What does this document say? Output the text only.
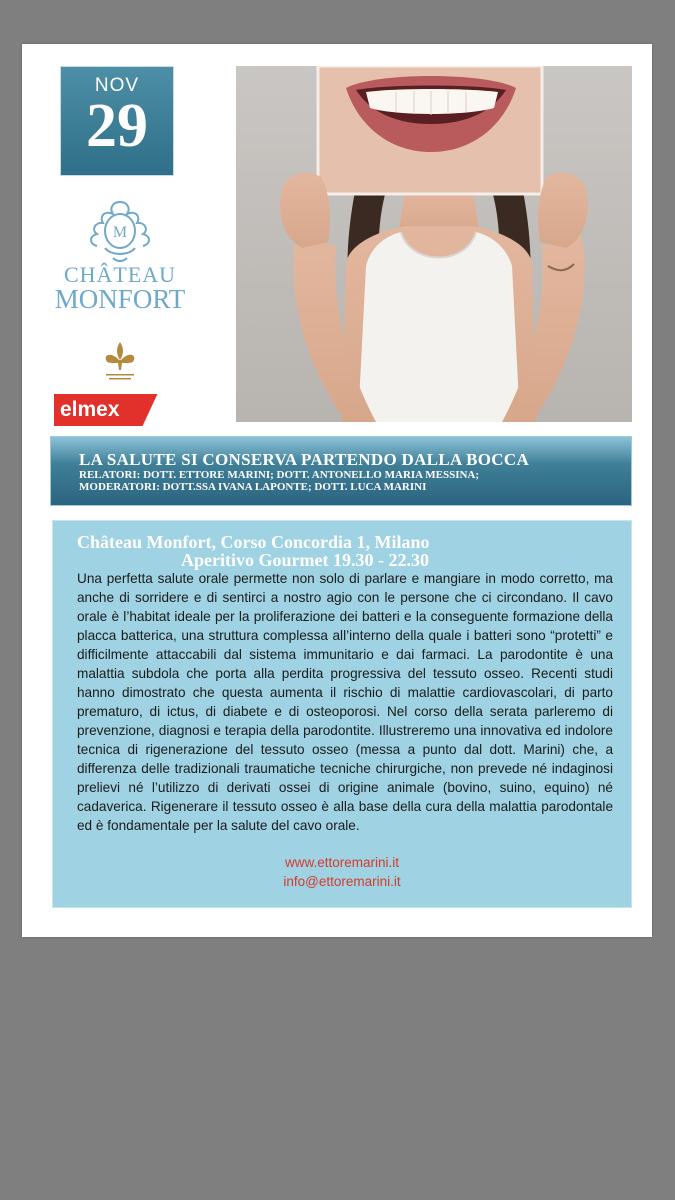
NOV
29
M
CHÂTEAU
MONFORT
elmex
LA SALUTE SI CONSERVA PARTENDO DALLA BOCCA
RELATORI: DOTT. ETTORE MARINI; DOTT. ANTONELLO MARIA MESSINA;
MODERATORI: DOTT.SSA IVANA LAPONTE; DOTT. LUCA MARINI
Château Monfort, Corso Concordia 1, Milano
Aperitivo Gourmet 19.30 - 22.30
Una perfetta salute orale permette non solo di parlare e mangiare in modo corretto, ma anche di sorridere e di sentirci a nostro agio con le persone che ci circondano. Il cavo orale è l’habitat ideale per la proliferazione dei batteri e la conseguente formazione della placca batterica, una struttura complessa all’interno della quale i batteri sono “protetti” e difficilmente attaccabili dal sistema immunitario e dai farmaci. La parodontite è una malattia subdola che porta alla perdita progressiva del tessuto osseo. Recenti studi hanno dimostrato che questa aumenta il rischio di malattie cardiovascolari, di parto prematuro, di ictus, di diabete e di osteoporosi. Nel corso della serata parleremo di prevenzione, diagnosi e terapia della parodontite. Illustreremo una innovativa ed indolore tecnica di rigenerazione del tessuto osseo (messa a punto dal dott. Marini) che, a differenza delle tradizionali traumatiche tecniche chirurgiche, non prevede né indaginosi prelievi né l’utilizzo di derivati ossei di origine animale (bovino, suino, equino) né cadaverica. Rigenerare il tessuto osseo è alla base della cura della malattia parodontale ed è fondamentale per la salute del cavo orale.
www.ettoremarini.it
info@ettoremarini.it
